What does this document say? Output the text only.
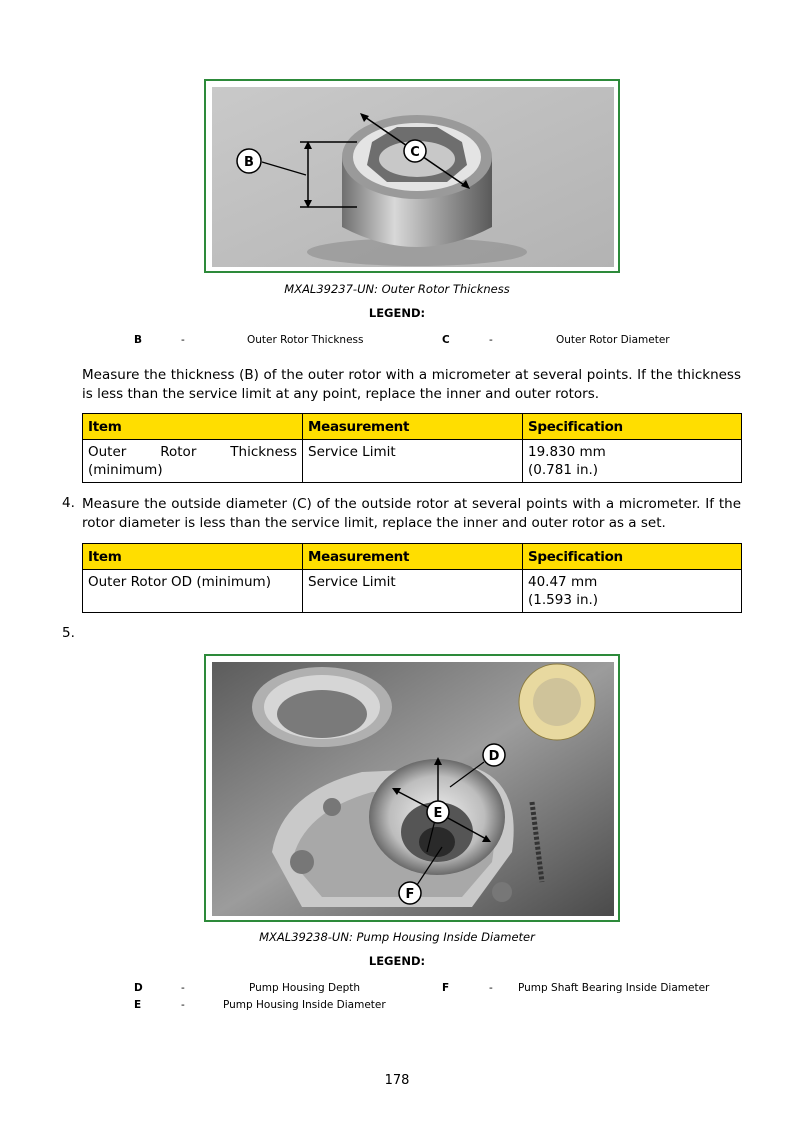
B
C
MXAL39237-UN: Outer Rotor Thickness
LEGEND:
B	-	Outer Rotor Thickness	C	-	Outer Rotor Diameter
Measure the thickness (B) of the outer rotor with a micrometer at several points. If the thickness is less than the service limit at any point, replace the inner and outer rotors.
Item	Measurement	Specification
Outer Rotor Thickness (minimum)	Service Limit	19.830 mm
(0.781 in.)
4. Measure the outside diameter (C) of the outside rotor at several points with a micrometer. If the rotor diameter is less than the service limit, replace the inner and outer rotor as a set.
Item	Measurement	Specification
Outer Rotor OD (minimum)	Service Limit	40.47 mm
(1.593 in.)
5.
D
E
F
MXAL39238-UN: Pump Housing Inside Diameter
LEGEND:
D	-	Pump Housing Depth	F	- Pump Shaft Bearing Inside Diameter
E	-	Pump Housing Inside Diameter
178
